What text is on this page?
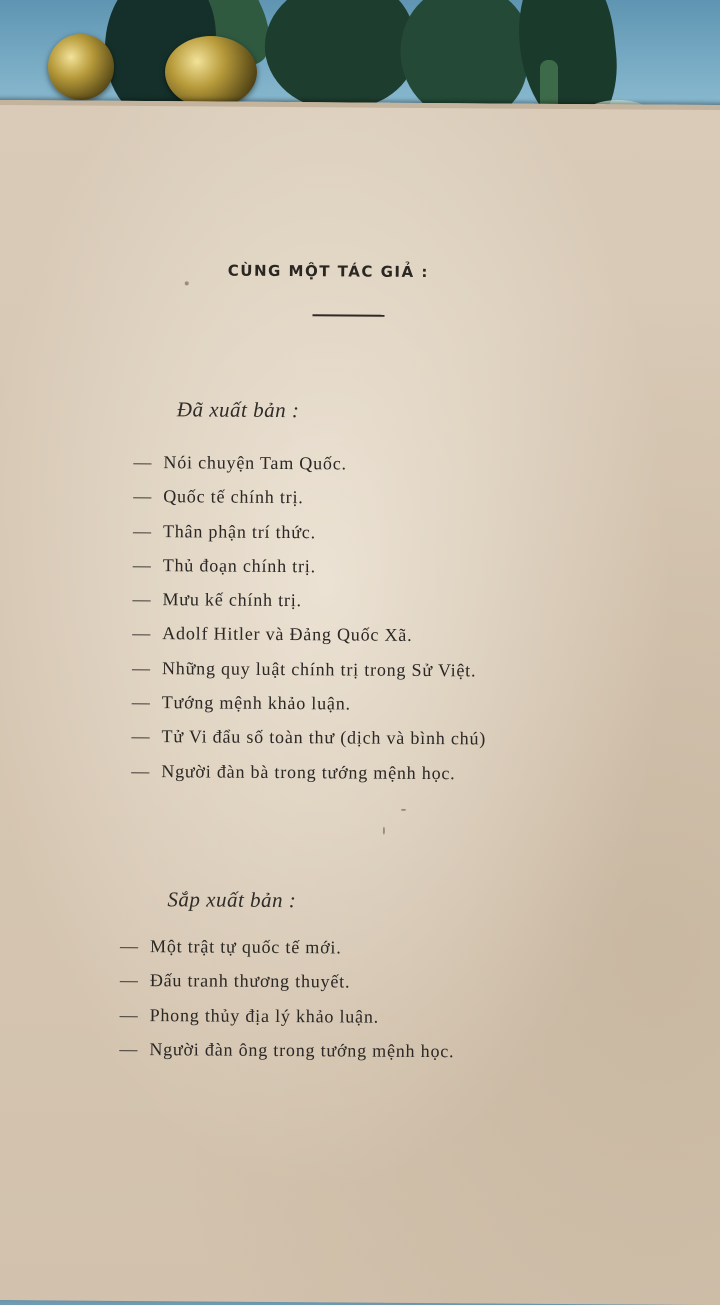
CÙNG MỘT TÁC GIẢ :
Đã xuất bản :
— Nói chuyện Tam Quốc.
— Quốc tế chính trị.
— Thân phận trí thức.
— Thủ đoạn chính trị.
— Mưu kế chính trị.
— Adolf Hitler và Đảng Quốc Xã.
— Những quy luật chính trị trong Sử Việt.
— Tướng mệnh khảo luận.
— Tử Vi đẩu số toàn thư (dịch và bình chú)
— Người đàn bà trong tướng mệnh học.
Sắp xuất bản :
— Một trật tự quốc tế mới.
— Đấu tranh thương thuyết.
— Phong thủy địa lý khảo luận.
— Người đàn ông trong tướng mệnh học.
